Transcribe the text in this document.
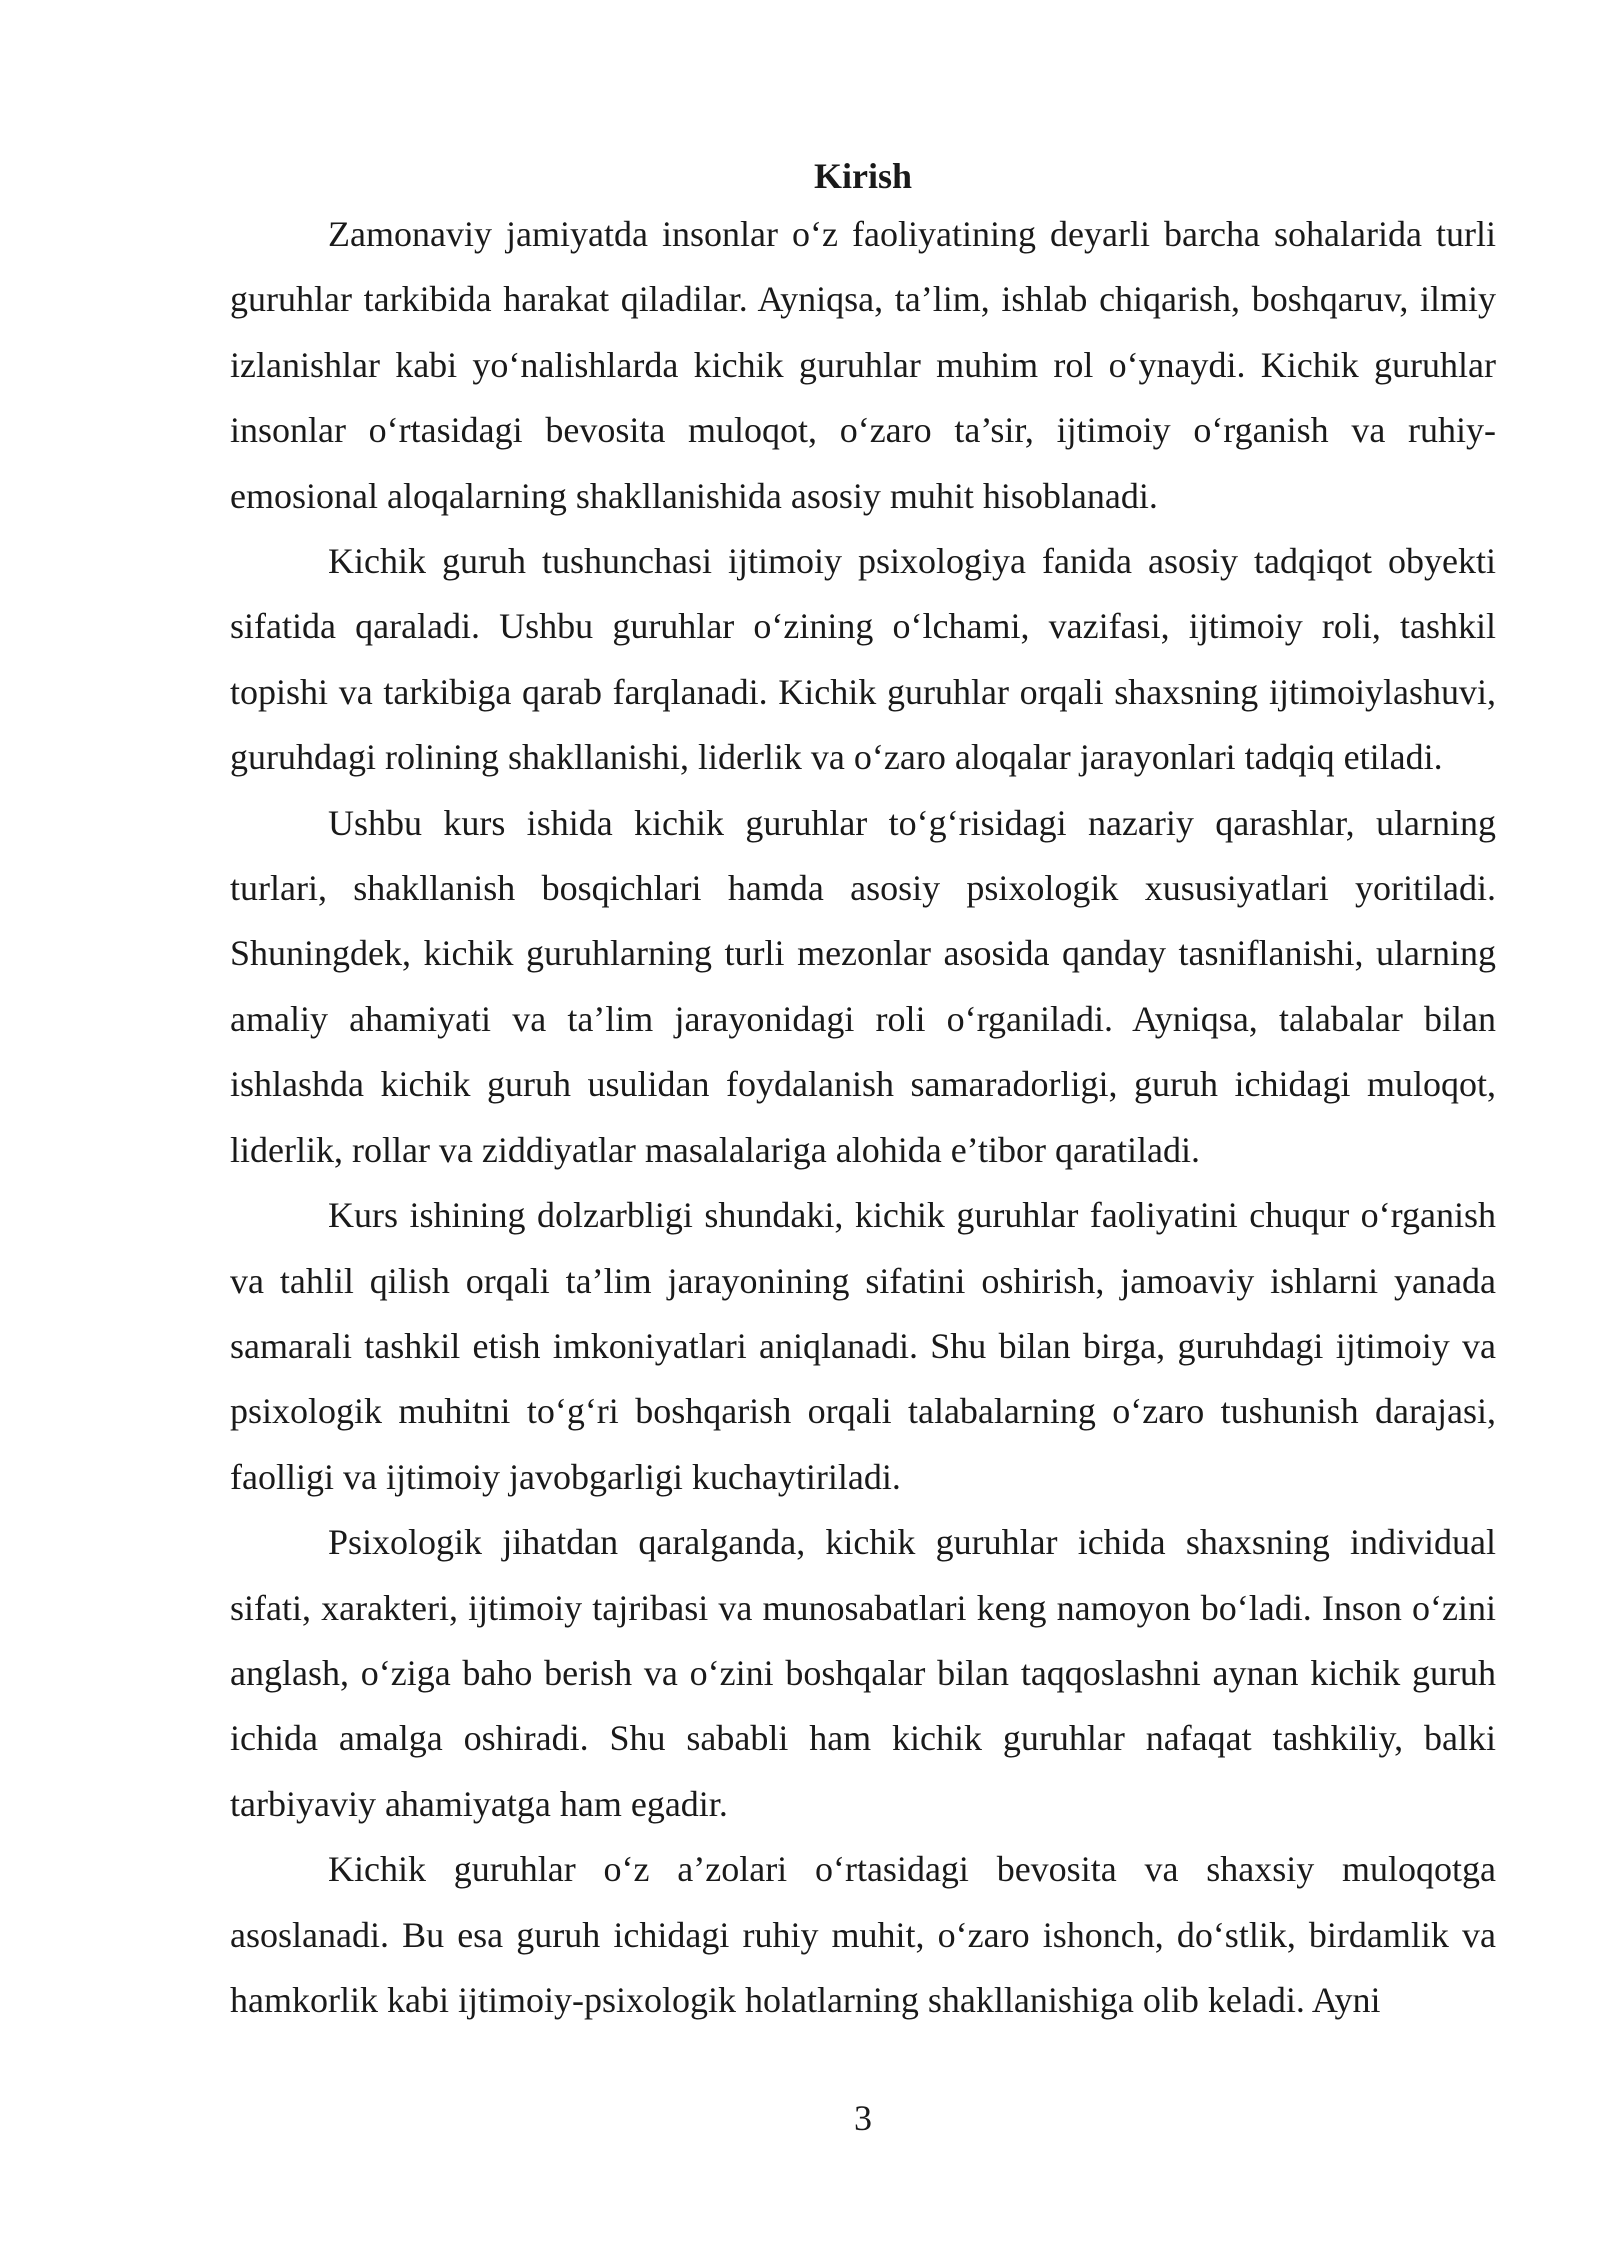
Kirish

Zamonaviy jamiyatda insonlar o‘z faoliyatining deyarli barcha sohalarida turli guruhlar tarkibida harakat qiladilar. Ayniqsa, ta’lim, ishlab chiqarish, boshqaruv, ilmiy izlanishlar kabi yo‘nalishlarda kichik guruhlar muhim rol o‘ynaydi. Kichik guruhlar insonlar o‘rtasidagi bevosita muloqot, o‘zaro ta’sir, ijtimoiy o‘rganish va ruhiy-emosional aloqalarning shakllanishida asosiy muhit hisoblanadi.

Kichik guruh tushunchasi ijtimoiy psixologiya fanida asosiy tadqiqot obyekti sifatida qaraladi. Ushbu guruhlar o‘zining o‘lchami, vazifasi, ijtimoiy roli, tashkil topishi va tarkibiga qarab farqlanadi. Kichik guruhlar orqali shaxsning ijtimoiylashuvi, guruhdagi rolining shakllanishi, liderlik va o‘zaro aloqalar jarayonlari tadqiq etiladi.

Ushbu kurs ishida kichik guruhlar to‘g‘risidagi nazariy qarashlar, ularning turlari, shakllanish bosqichlari hamda asosiy psixologik xususiyatlari yoritiladi. Shuningdek, kichik guruhlarning turli mezonlar asosida qanday tasniflanishi, ularning amaliy ahamiyati va ta’lim jarayonidagi roli o‘rganiladi. Ayniqsa, talabalar bilan ishlashda kichik guruh usulidan foydalanish samaradorligi, guruh ichidagi muloqot, liderlik, rollar va ziddiyatlar masalalariga alohida e’tibor qaratiladi.

Kurs ishining dolzarbligi shundaki, kichik guruhlar faoliyatini chuqur o‘rganish va tahlil qilish orqali ta’lim jarayonining sifatini oshirish, jamoaviy ishlarni yanada samarali tashkil etish imkoniyatlari aniqlanadi. Shu bilan birga, guruhdagi ijtimoiy va psixologik muhitni to‘g‘ri boshqarish orqali talabalarning o‘zaro tushunish darajasi, faolligi va ijtimoiy javobgarligi kuchaytiriladi.

Psixologik jihatdan qaralganda, kichik guruhlar ichida shaxsning individual sifati, xarakteri, ijtimoiy tajribasi va munosabatlari keng namoyon bo‘ladi. Inson o‘zini anglash, o‘ziga baho berish va o‘zini boshqalar bilan taqqoslashni aynan kichik guruh ichida amalga oshiradi. Shu sababli ham kichik guruhlar nafaqat tashkiliy, balki tarbiyaviy ahamiyatga ham egadir.

Kichik guruhlar o‘z a’zolari o‘rtasidagi bevosita va shaxsiy muloqotga asoslanadi. Bu esa guruh ichidagi ruhiy muhit, o‘zaro ishonch, do‘stlik, birdamlik va hamkorlik kabi ijtimoiy-psixologik holatlarning shakllanishiga olib keladi. Ayni

3
